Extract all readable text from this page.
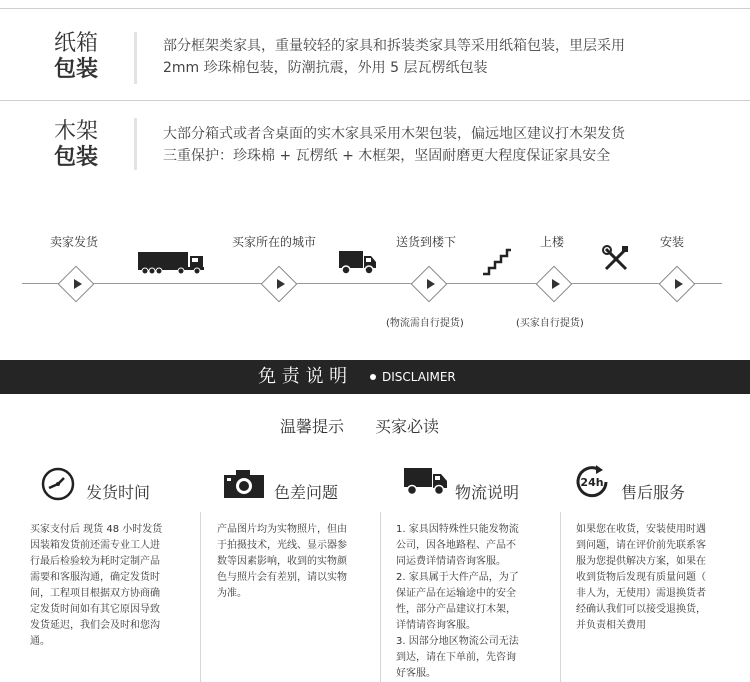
纸箱
包装
部分框架类家具，重量较轻的家具和拆装类家具等采用纸箱包装，里层采用
2mm 珍珠棉包装，防潮抗震，外用 5 层瓦楞纸包装
木架
包装
大部分箱式或者含桌面的实木家具采用木架包装，偏远地区建议打木架发货
三重保护：珍珠棉 + 瓦楞纸 + 木框架，坚固耐磨更大程度保证家具安全
卖家发货	买家所在的城市	送货到楼下	上楼	安装
(物流需自行提货)	(买家自行提货)
免 责 说 明	DISCLAIMER
温馨提示 买家必读
24h
发货时间	色差问题	物流说明	售后服务
买家支付后 现货 48 小时发货
因装箱发货前还需专业工人进
行最后检验较为耗时定制产品
需要和客服沟通，确定发货时
间，工程项目根据双方协商确
定发货时间如有其它原因导致
发货延迟，我们会及时和您沟
通。
产品图片均为实物照片，但由
于拍摄技术，光线、显示器参
数等因素影响，收到的实物颜
色与照片会有差别，请以实物
为准。
1. 家具因特殊性只能发物流
公司，因各地路程、产品不
同运费详情请咨询客服。
2. 家具属于大件产品，为了
保证产品在运输途中的安全
性，部分产品建议打木架，
详情请咨询客服。
3. 因部分地区物流公司无法
到达，请在下单前，先咨询
好客服。
如果您在收货，安装使用时遇
到问题，请在评价前先联系客
服为您提供解决方案，如果在
收到货物后发现有质量问题（
非人为，无使用）需退换货者
经确认我们可以接受退换货，
并负责相关费用
